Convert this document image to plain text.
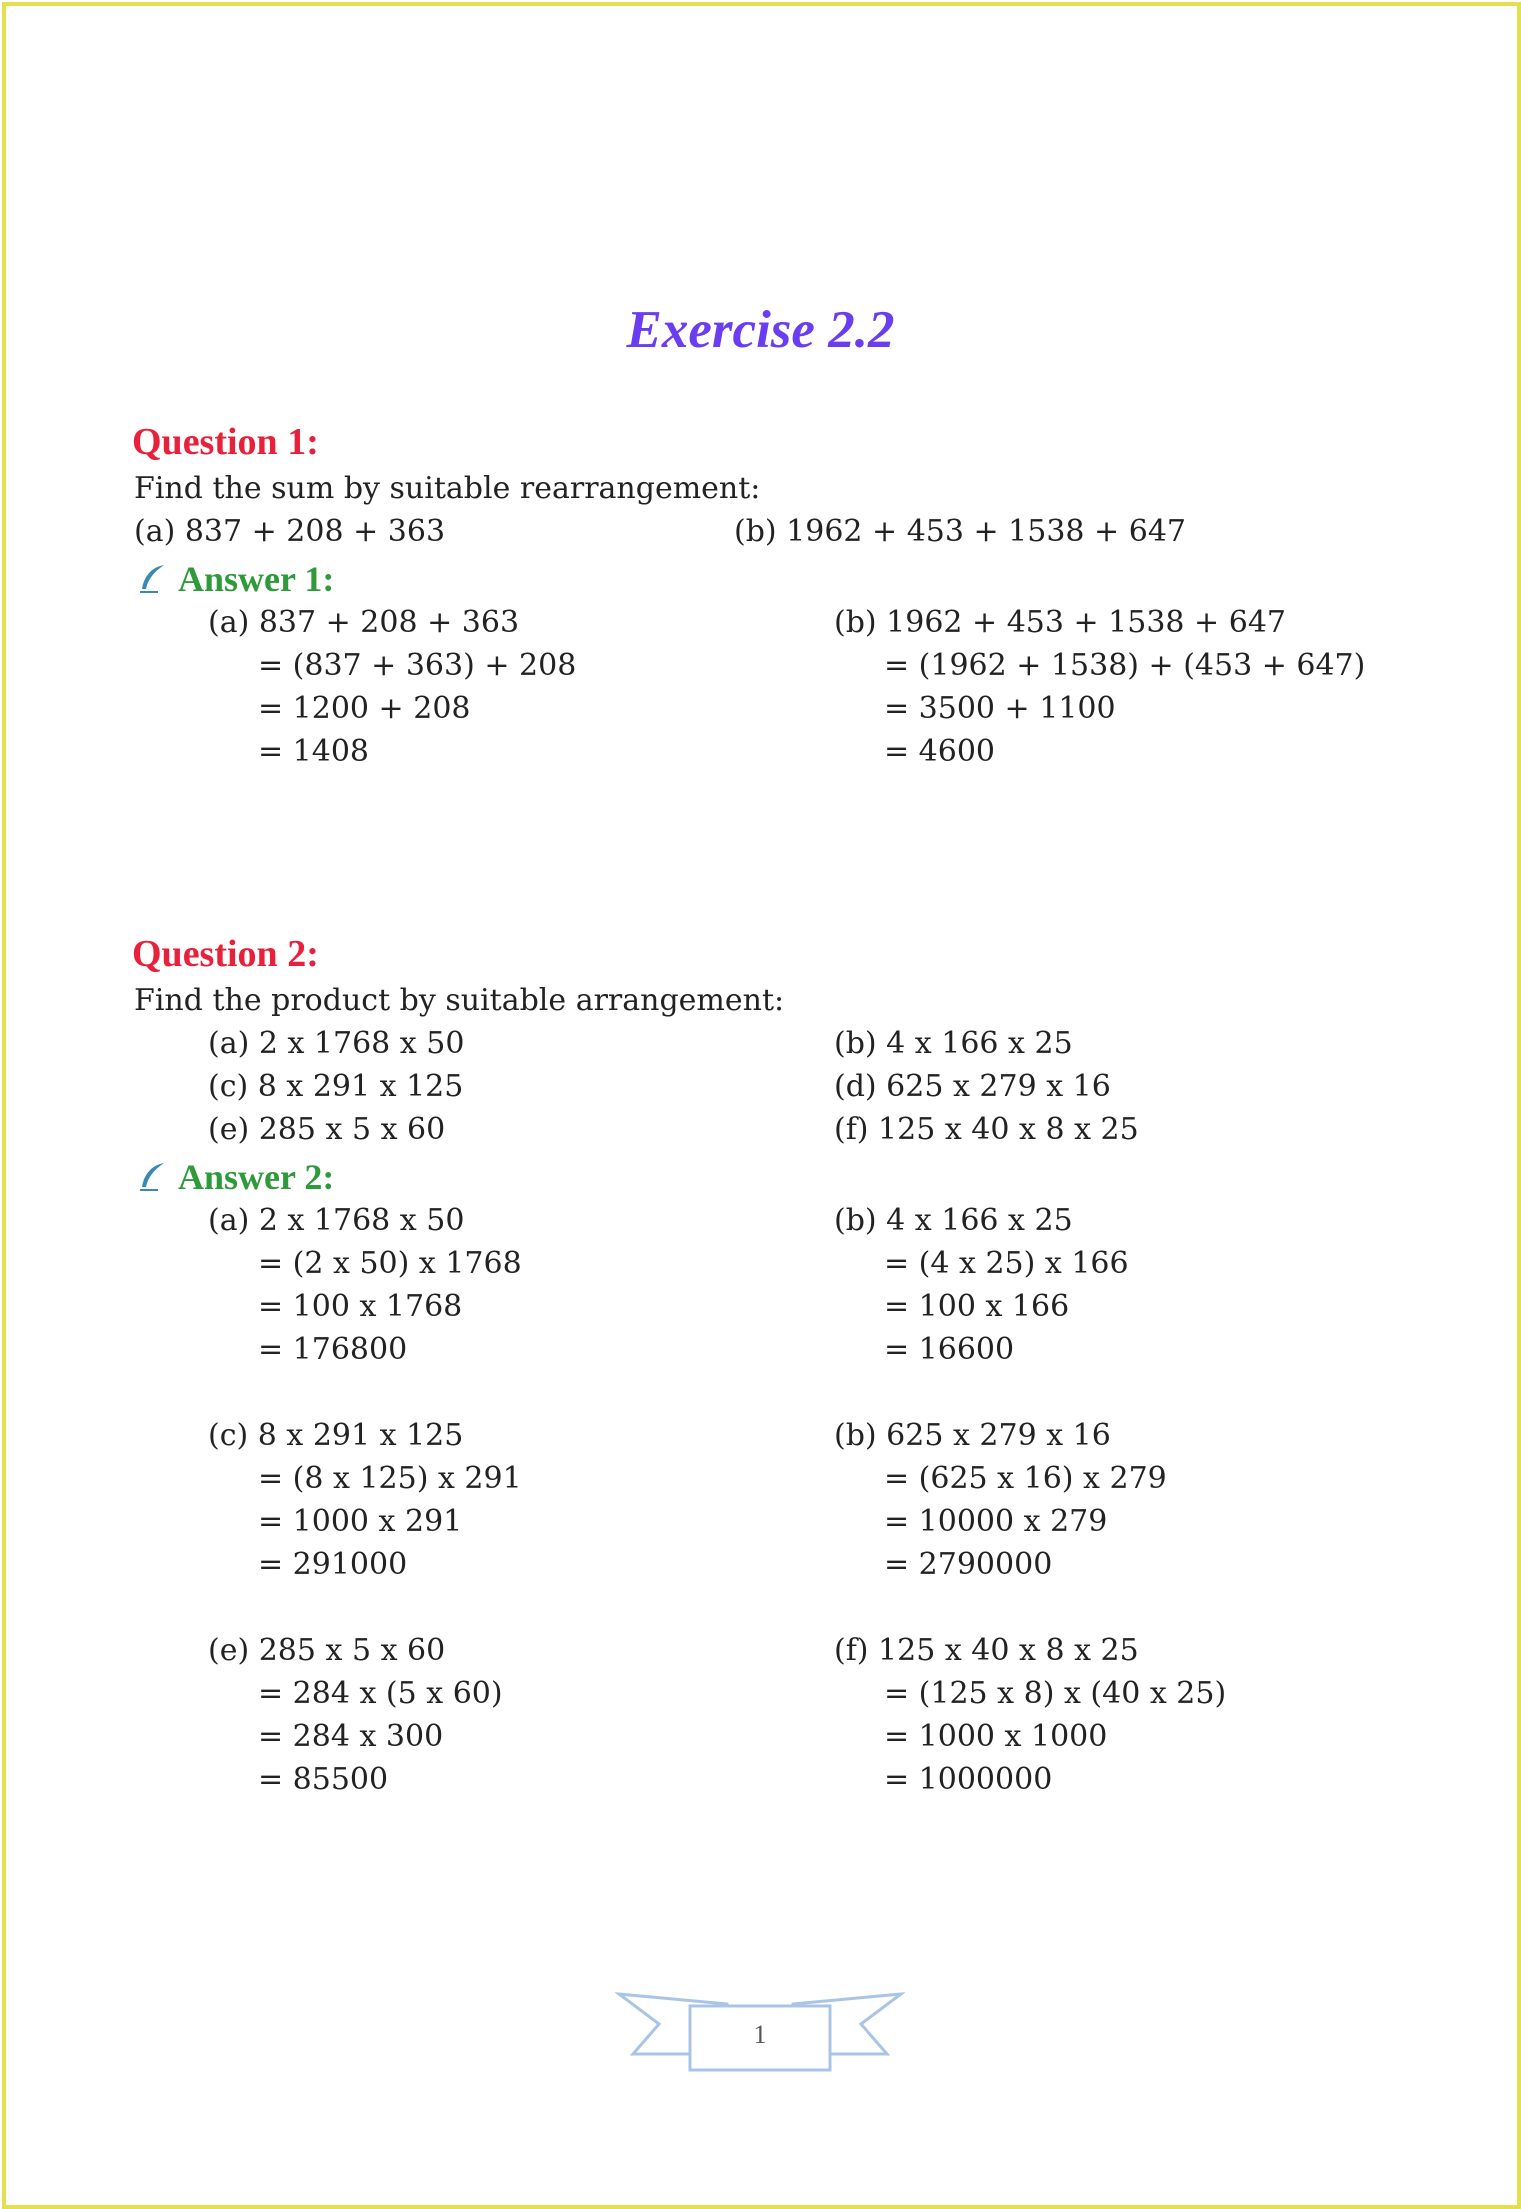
Exercise 2.2
Question 1:
Find the sum by suitable rearrangement:
(a) 837 + 208 + 363	(b) 1962 + 453 + 1538 + 647
Answer 1:
(a) 837 + 208 + 363
= (837 + 363) + 208
= 1200 + 208
= 1408
(b) 1962 + 453 + 1538 + 647
= (1962 + 1538) + (453 + 647)
= 3500 + 1100
= 4600
Question 2:
Find the product by suitable arrangement:
(a) 2 x 1768 x 50	(b) 4 x 166 x 25
(c) 8 x 291 x 125	(d) 625 x 279 x 16
(e) 285 x 5 x 60	(f) 125 x 40 x 8 x 25
Answer 2:
(a) 2 x 1768 x 50
= (2 x 50) x 1768
= 100 x 1768
= 176800
(b) 4 x 166 x 25
= (4 x 25) x 166
= 100 x 166
= 16600
(c) 8 x 291 x 125
= (8 x 125) x 291
= 1000 x 291
= 291000
(b) 625 x 279 x 16
= (625 x 16) x 279
= 10000 x 279
= 2790000
(e) 285 x 5 x 60
= 284 x (5 x 60)
= 284 x 300
= 85500
(f) 125 x 40 x 8 x 25
= (125 x 8) x (40 x 25)
= 1000 x 1000
= 1000000
1
